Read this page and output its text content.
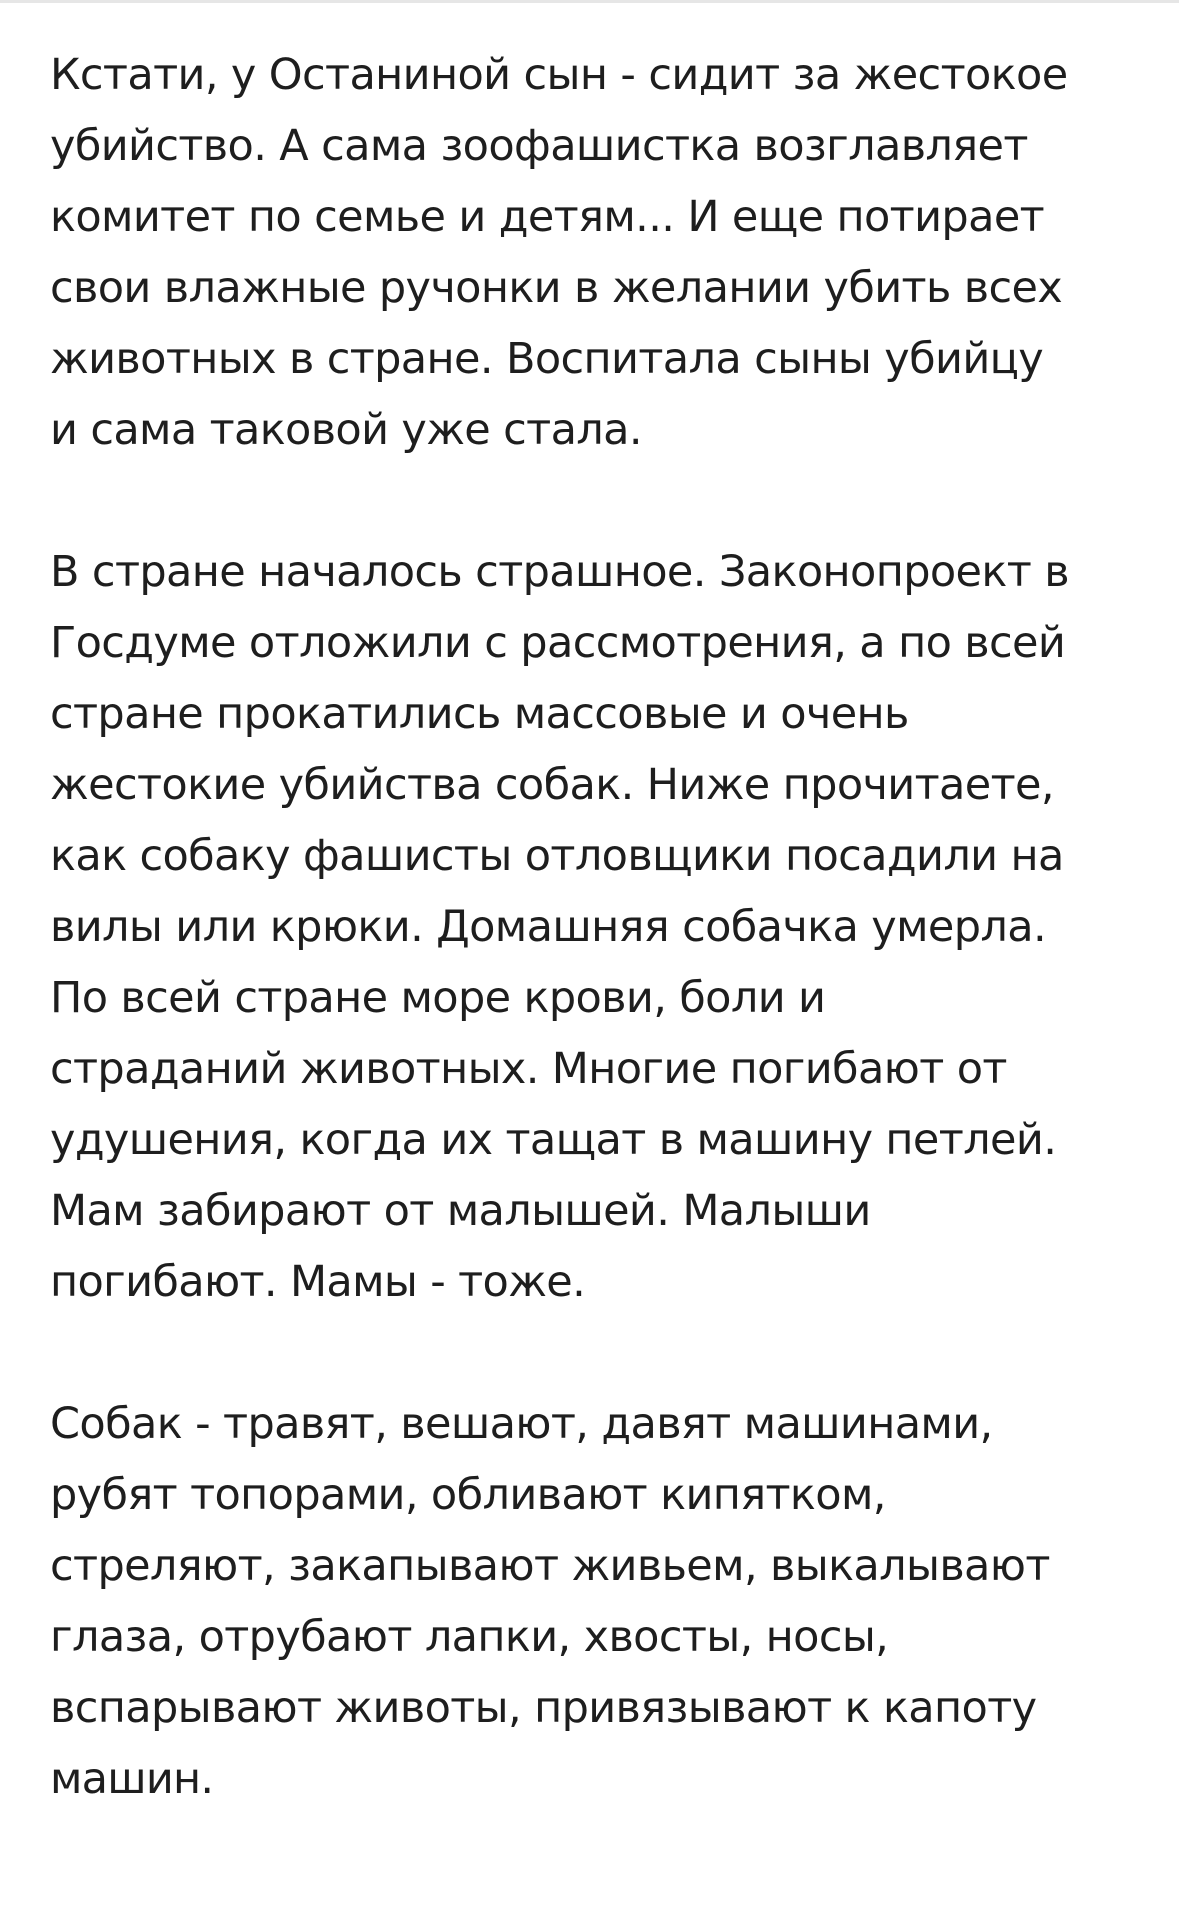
Кстати, у Останиной сын - сидит за жестокое
убийство. А сама зоофашистка возглавляет
комитет по семье и детям... И еще потирает
свои влажные ручонки в желании убить всех
животных в стране. Воспитала сыны убийцу
и сама таковой уже стала.

В стране началось страшное. Законопроект в
Госдуме отложили с рассмотрения, а по всей
стране прокатились массовые и очень
жестокие убийства собак. Ниже прочитаете,
как собаку фашисты отловщики посадили на
вилы или крюки. Домашняя собачка умерла.
По всей стране море крови, боли и
страданий животных. Многие погибают от
удушения, когда их тащат в машину петлей.
Мам забирают от малышей. Малыши
погибают. Мамы - тоже.

Собак - травят, вешают, давят машинами,
рубят топорами, обливают кипятком,
стреляют, закапывают живьем, выкалывают
глаза, отрубают лапки, хвосты, носы,
вспарывают животы, привязывают к капоту
машин.
